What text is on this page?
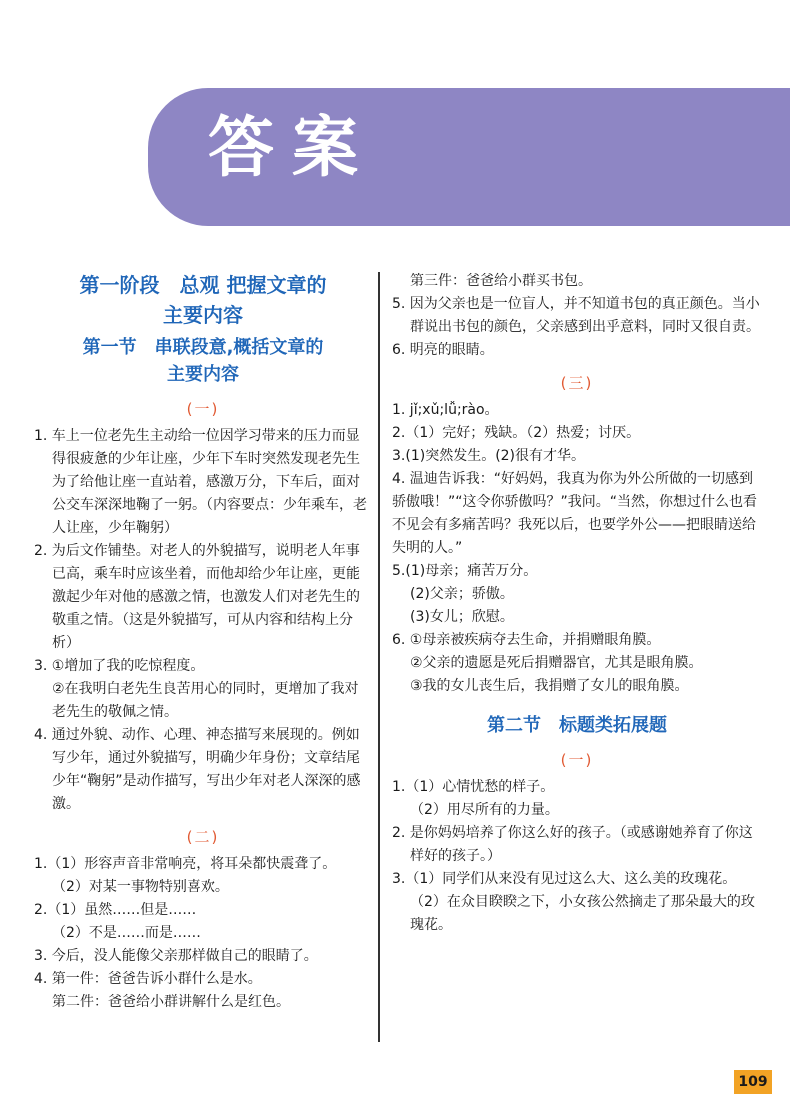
答案
第一阶段　总观 把握文章的
主要内容
第一节　串联段意,概括文章的
主要内容
(一)

1. 车上一位老先生主动给一位因学习带来的压力而显得很疲惫的少年让座，少年下车时突然发现老先生为了给他让座一直站着，感激万分，下车后，面对公交车深深地鞠了一躬。（内容要点：少年乘车，老人让座，少年鞠躬）

2. 为后文作铺垫。对老人的外貌描写，说明老人年事已高，乘车时应该坐着，而他却给少年让座，更能激起少年对他的感激之情，也激发人们对老先生的敬重之情。（这是外貌描写，可从内容和结构上分析）

3. ①增加了我的吃惊程度。

②在我明白老先生良苦用心的同时，更增加了我对老先生的敬佩之情。

4. 通过外貌、动作、心理、神态描写来展现的。例如写少年，通过外貌描写，明确少年身份；文章结尾少年“鞠躬”是动作描写，写出少年对老人深深的感激。

(二)

1.（1）形容声音非常响亮，将耳朵都快震聋了。

（2）对某一事物特别喜欢。

2.（1）虽然……但是……

（2）不是……而是……

3. 今后，没人能像父亲那样做自己的眼睛了。

4. 第一件：爸爸告诉小群什么是水。

第二件：爸爸给小群讲解什么是红色。

第三件：爸爸给小群买书包。

5. 因为父亲也是一位盲人，并不知道书包的真正颜色。当小群说出书包的颜色，父亲感到出乎意料，同时又很自责。

6. 明亮的眼睛。

(三)

1. jǐ;xǔ;lǚ;rào。

2.（1）完好；残缺。（2）热爱；讨厌。

3.(1)突然发生。(2)很有才华。

4. 温迪告诉我：“好妈妈，我真为你为外公所做的一切感到骄傲哦！”“这令你骄傲吗？”我问。“当然，你想过什么也看不见会有多痛苦吗？我死以后，也要学外公——把眼睛送给失明的人。”

5.(1)母亲；痛苦万分。

(2)父亲；骄傲。

(3)女儿；欣慰。

6. ①母亲被疾病夺去生命，并捐赠眼角膜。

②父亲的遗愿是死后捐赠器官，尤其是眼角膜。

③我的女儿丧生后，我捐赠了女儿的眼角膜。

第二节　标题类拓展题
(一)

1.（1）心情忧愁的样子。

（2）用尽所有的力量。

2. 是你妈妈培养了你这么好的孩子。（或感谢她养育了你这样好的孩子。）

3.（1）同学们从来没有见过这么大、这么美的玫瑰花。

（2）在众目睽睽之下，小女孩公然摘走了那朵最大的玫瑰花。

109
